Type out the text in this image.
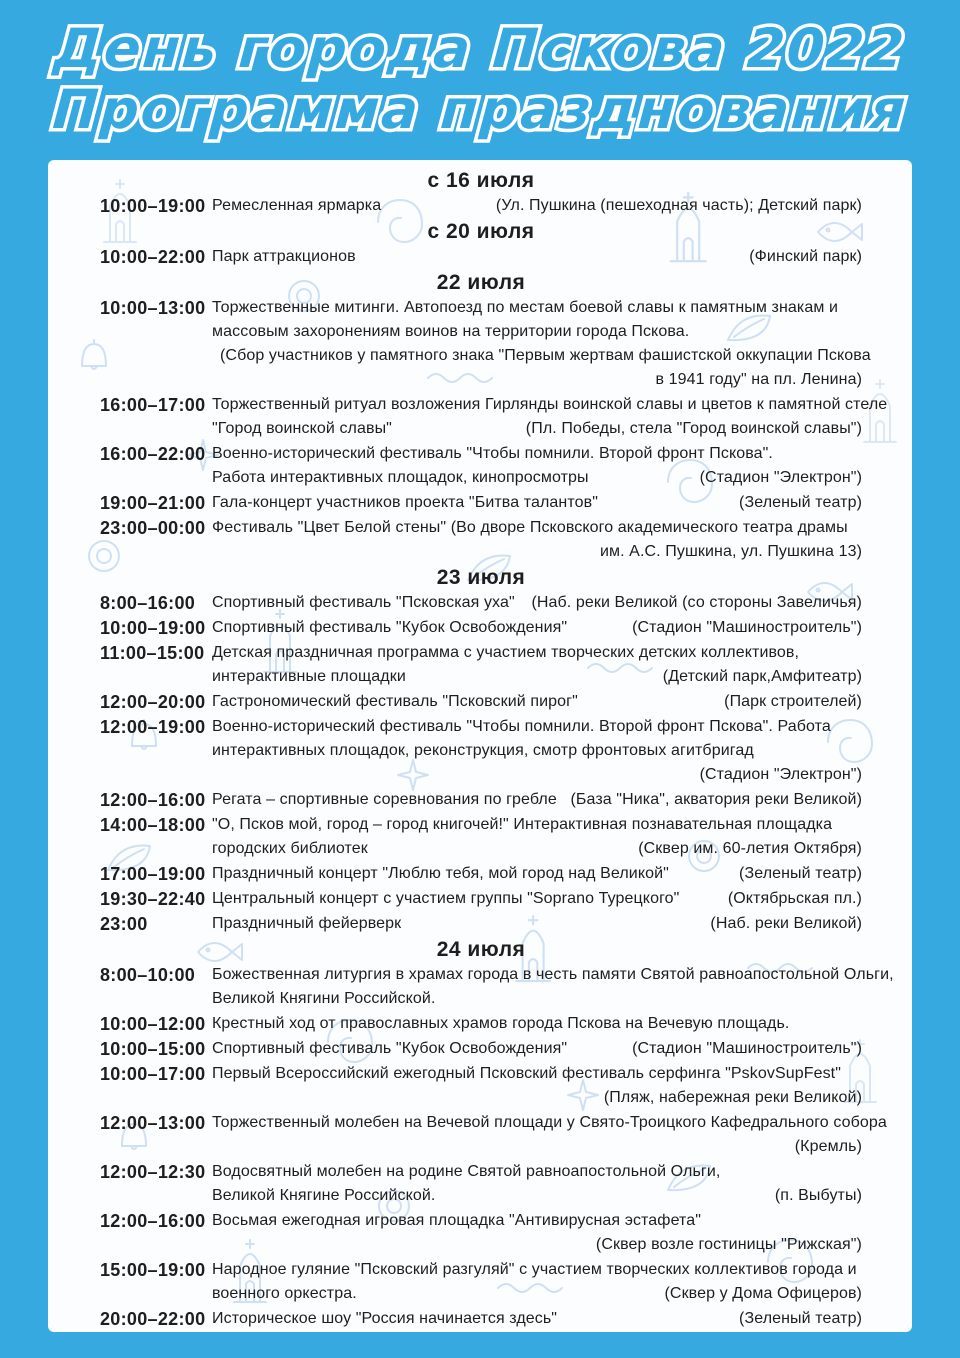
День города Пскова 2022
Программа празднования
с 16 июля
10:00–19:00 Ремесленная ярмарка	(Ул. Пушкина (пешеходная часть); Детский парк)
с 20 июля
10:00–22:00 Парк аттракционов	(Финский парк)
22 июля
10:00–13:00 Торжественные митинги. Автопоезд по местам боевой славы к памятным знакам и
массовым захоронениям воинов на территории города Пскова.
(Сбор участников у памятного знака "Первым жертвам фашистской оккупации Пскова
в 1941 году" на пл. Ленина)
16:00–17:00 Торжественный ритуал возложения Гирлянды воинской славы и цветов к памятной стеле
"Город воинской славы"	(Пл. Победы, стела "Город воинской славы")
16:00–22:00 Военно-исторический фестиваль "Чтобы помнили. Второй фронт Пскова".
Работа интерактивных площадок, кинопросмотры	(Стадион "Электрон")
19:00–21:00 Гала-концерт участников проекта "Битва талантов"	(Зеленый театр)
23:00–00:00 Фестиваль "Цвет Белой стены" (Во дворе Псковского академического театра драмы
им. А.С. Пушкина, ул. Пушкина 13)
23 июля
8:00–16:00	Спортивный фестиваль "Псковская уха"	(Наб. реки Великой (со стороны Завеличья)
10:00–19:00 Спортивный фестиваль "Кубок Освобождения"	(Стадион "Машиностроитель")
11:00–15:00 Детская праздничная программа с участием творческих детских коллективов,
интерактивные площадки	(Детский парк,Амфитеатр)
12:00–20:00 Гастрономический фестиваль "Псковский пирог"	(Парк строителей)
12:00–19:00 Военно-исторический фестиваль "Чтобы помнили. Второй фронт Пскова". Работа
интерактивных площадок, реконструкция, смотр фронтовых агитбригад
(Стадион "Электрон")
12:00–16:00 Регата – спортивные соревнования по гребле (База "Ника", акватория реки Великой)
14:00–18:00 "О, Псков мой, город – город книгочей!" Интерактивная познавательная площадка
городских библиотек	(Сквер им. 60-летия Октября)
17:00–19:00 Праздничный концерт "Люблю тебя, мой город над Великой"	(Зеленый театр)
19:30–22:40 Центральный концерт с участием группы "Soprano Турецкого"	(Октябрьская пл.)
23:00	Праздничный фейерверк	(Наб. реки Великой)
24 июля
8:00–10:00	Божественная литургия в храмах города в честь памяти Святой равноапостольной Ольги,
Великой Княгини Российской.
10:00–12:00 Крестный ход от православных храмов города Пскова на Вечевую площадь.
10:00–15:00 Спортивный фестиваль "Кубок Освобождения"	(Стадион "Машиностроитель")
10:00–17:00 Первый Всероссийский ежегодный Псковский фестиваль серфинга "PskovSupFest"
(Пляж, набережная реки Великой)
12:00–13:00 Торжественный молебен на Вечевой площади у Свято-Троицкого Кафедрального собора
(Кремль)
12:00–12:30 Водосвятный молебен на родине Святой равноапостольной Ольги,
Великой Княгине Российской.	(п. Выбуты)
12:00–16:00 Восьмая ежегодная игровая площадка "Антивирусная эстафета"
(Сквер возле гостиницы "Рижская")
15:00–19:00 Народное гуляние "Псковский разгуляй" с участием творческих коллективов города и
военного оркестра.	(Сквер у Дома Офицеров)
20:00–22:00 Историческое шоу "Россия начинается здесь"	(Зеленый театр)
